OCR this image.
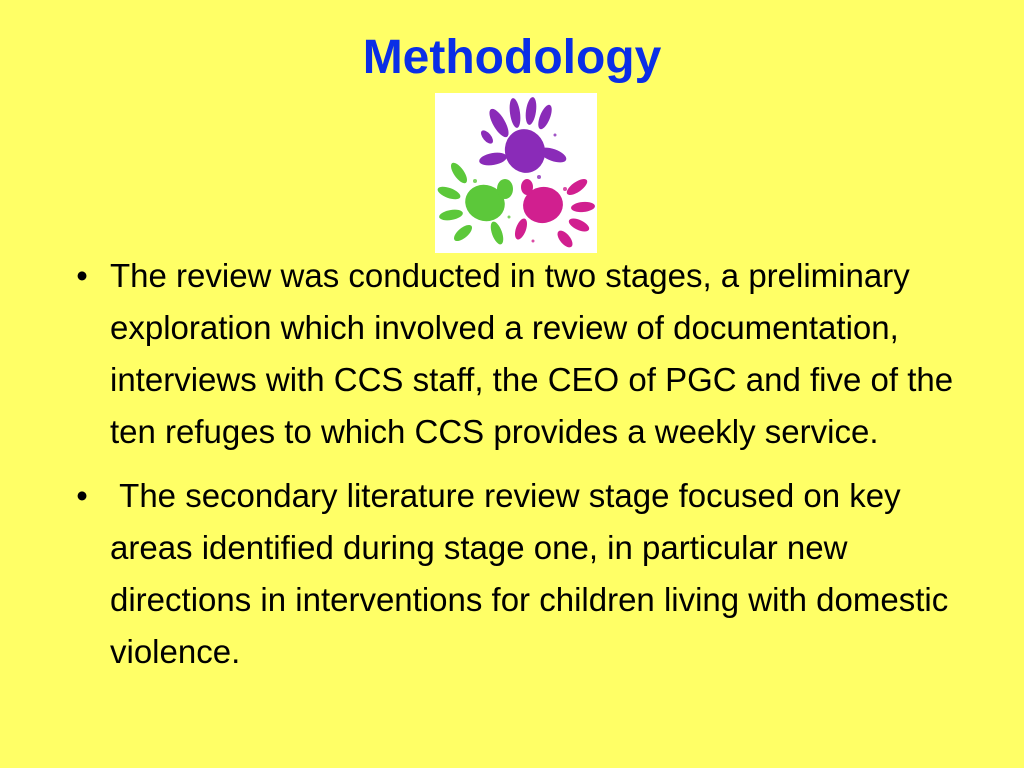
Methodology
• The review was conducted in two stages, a preliminary exploration which involved a review of documentation, interviews with CCS staff, the CEO of PGC and five of the ten refuges to which CCS provides a weekly service.
• The secondary literature review stage focused on key areas identified during stage one, in particular new directions in interventions for children living with domestic violence.
